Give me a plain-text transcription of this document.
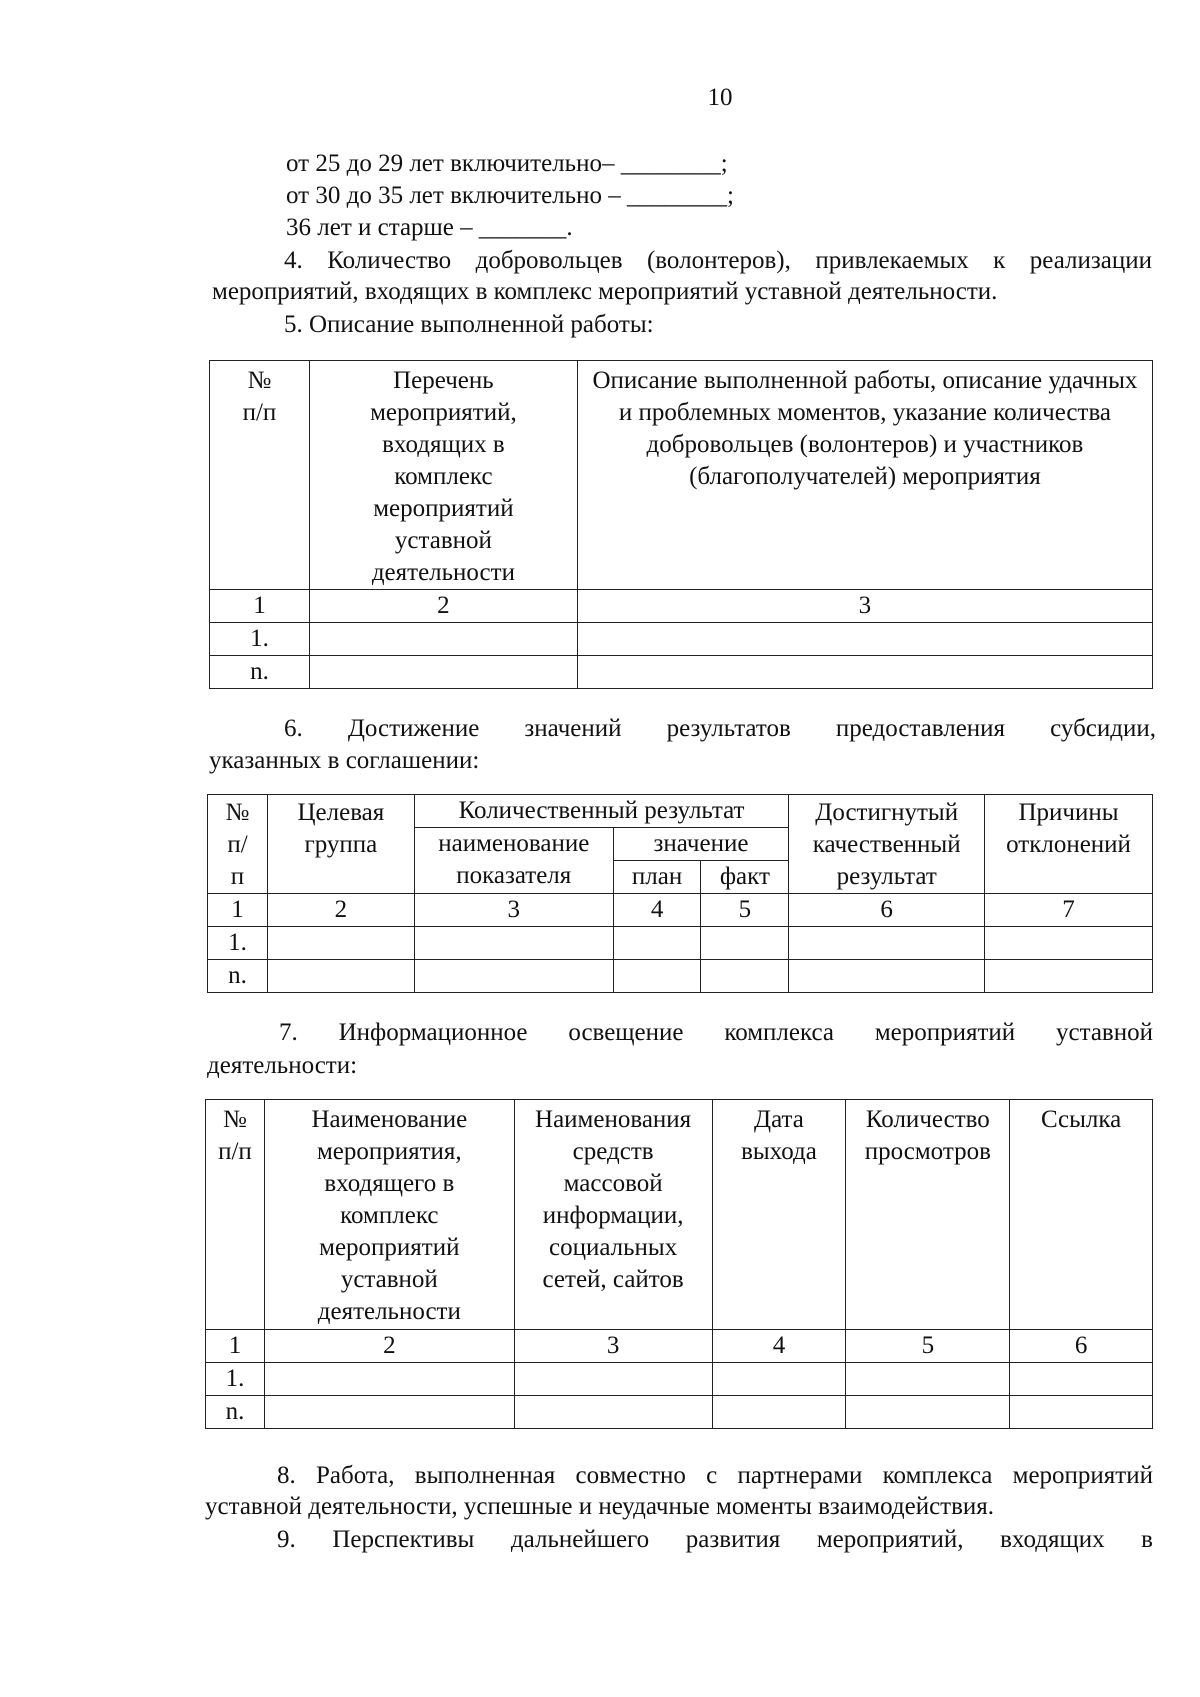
10
от 25 до 29 лет включительно– ________;
от 30 до 35 лет включительно – ________;
36 лет и старше – _______.
4. Количество добровольцев (волонтеров), привлекаемых к реализации мероприятий, входящих в комплекс мероприятий уставной деятельности.
5. Описание выполненной работы:
№ п/п	Перечень мероприятий, входящих в комплекс мероприятий уставной деятельности	Описание выполненной работы, описание удачных и проблемных моментов, указание количества добровольцев (волонтеров) и участников (благополучателей) мероприятия
1	2	3
1.		
n.		
6. Достижение значений результатов предоставления субсидии,
указанных в соглашении:
№ п/п	Целевая группа	Количественный результат			Достигнутый качественный результат	Причины отклонений
		наименование показателя	значение			
			план	факт		
1	2	3	4	5	6	7
1.						
n.						
7. Информационное освещение комплекса мероприятий уставной
деятельности:
№ п/п	Наименование мероприятия, входящего в комплекс мероприятий уставной деятельности	Наименования средств массовой информации, социальных сетей, сайтов	Дата выхода	Количество просмотров	Ссылка
1	2	3	4	5	6
1.					
n.					
8. Работа, выполненная совместно с партнерами комплекса мероприятий уставной деятельности, успешные и неудачные моменты взаимодействия.
9. Перспективы дальнейшего развития мероприятий, входящих в
